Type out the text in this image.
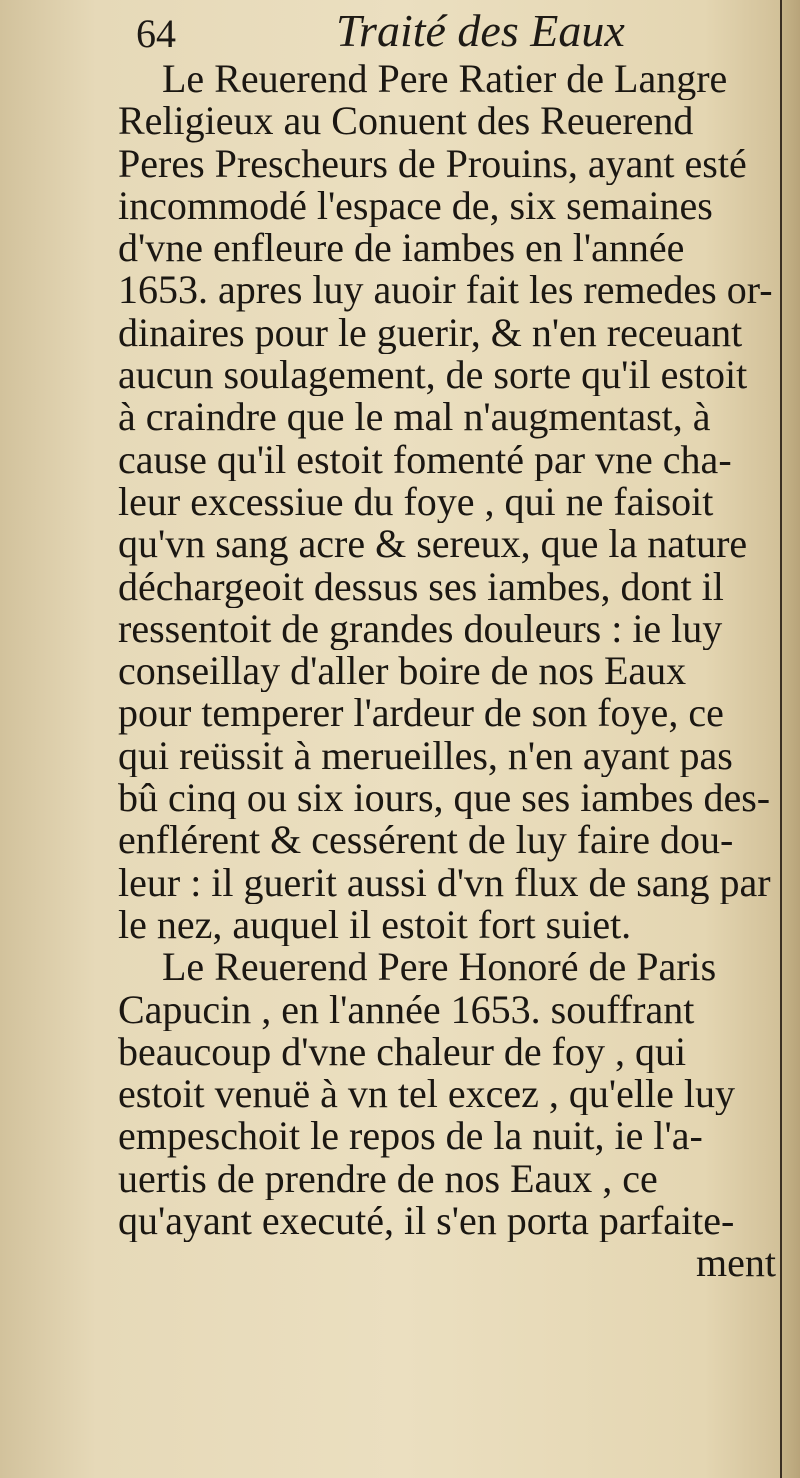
64	Traité des Eaux
Le Reuerend Pere Ratier de Langre
Religieux au Conuent des Reuerend
Peres Prescheurs de Prouins, ayant esté
incommodé l'espace de, six semaines
d'vne enfleure de iambes en l'année
1653. apres luy auoir fait les remedes or-
dinaires pour le guerir, & n'en receuant
aucun soulagement, de sorte qu'il estoit
à craindre que le mal n'augmentast, à
cause qu'il estoit fomenté par vne cha-
leur excessiue du foye , qui ne faisoit
qu'vn sang acre & sereux, que la nature
déchargeoit dessus ses iambes, dont il
ressentoit de grandes douleurs : ie luy
conseillay d'aller boire de nos Eaux
pour temperer l'ardeur de son foye, ce
qui reüssit à merueilles, n'en ayant pas
bû cinq ou six iours, que ses iambes des-
enflérent & cessérent de luy faire dou-
leur : il guerit aussi d'vn flux de sang par
le nez, auquel il estoit fort suiet.
Le Reuerend Pere Honoré de Paris
Capucin , en l'année 1653. souffrant
beaucoup d'vne chaleur de foy , qui
estoit venuë à vn tel excez , qu'elle luy
empeschoit le repos de la nuit, ie l'a-
uertis de prendre de nos Eaux , ce
qu'ayant executé, il s'en porta parfaite-
ment
